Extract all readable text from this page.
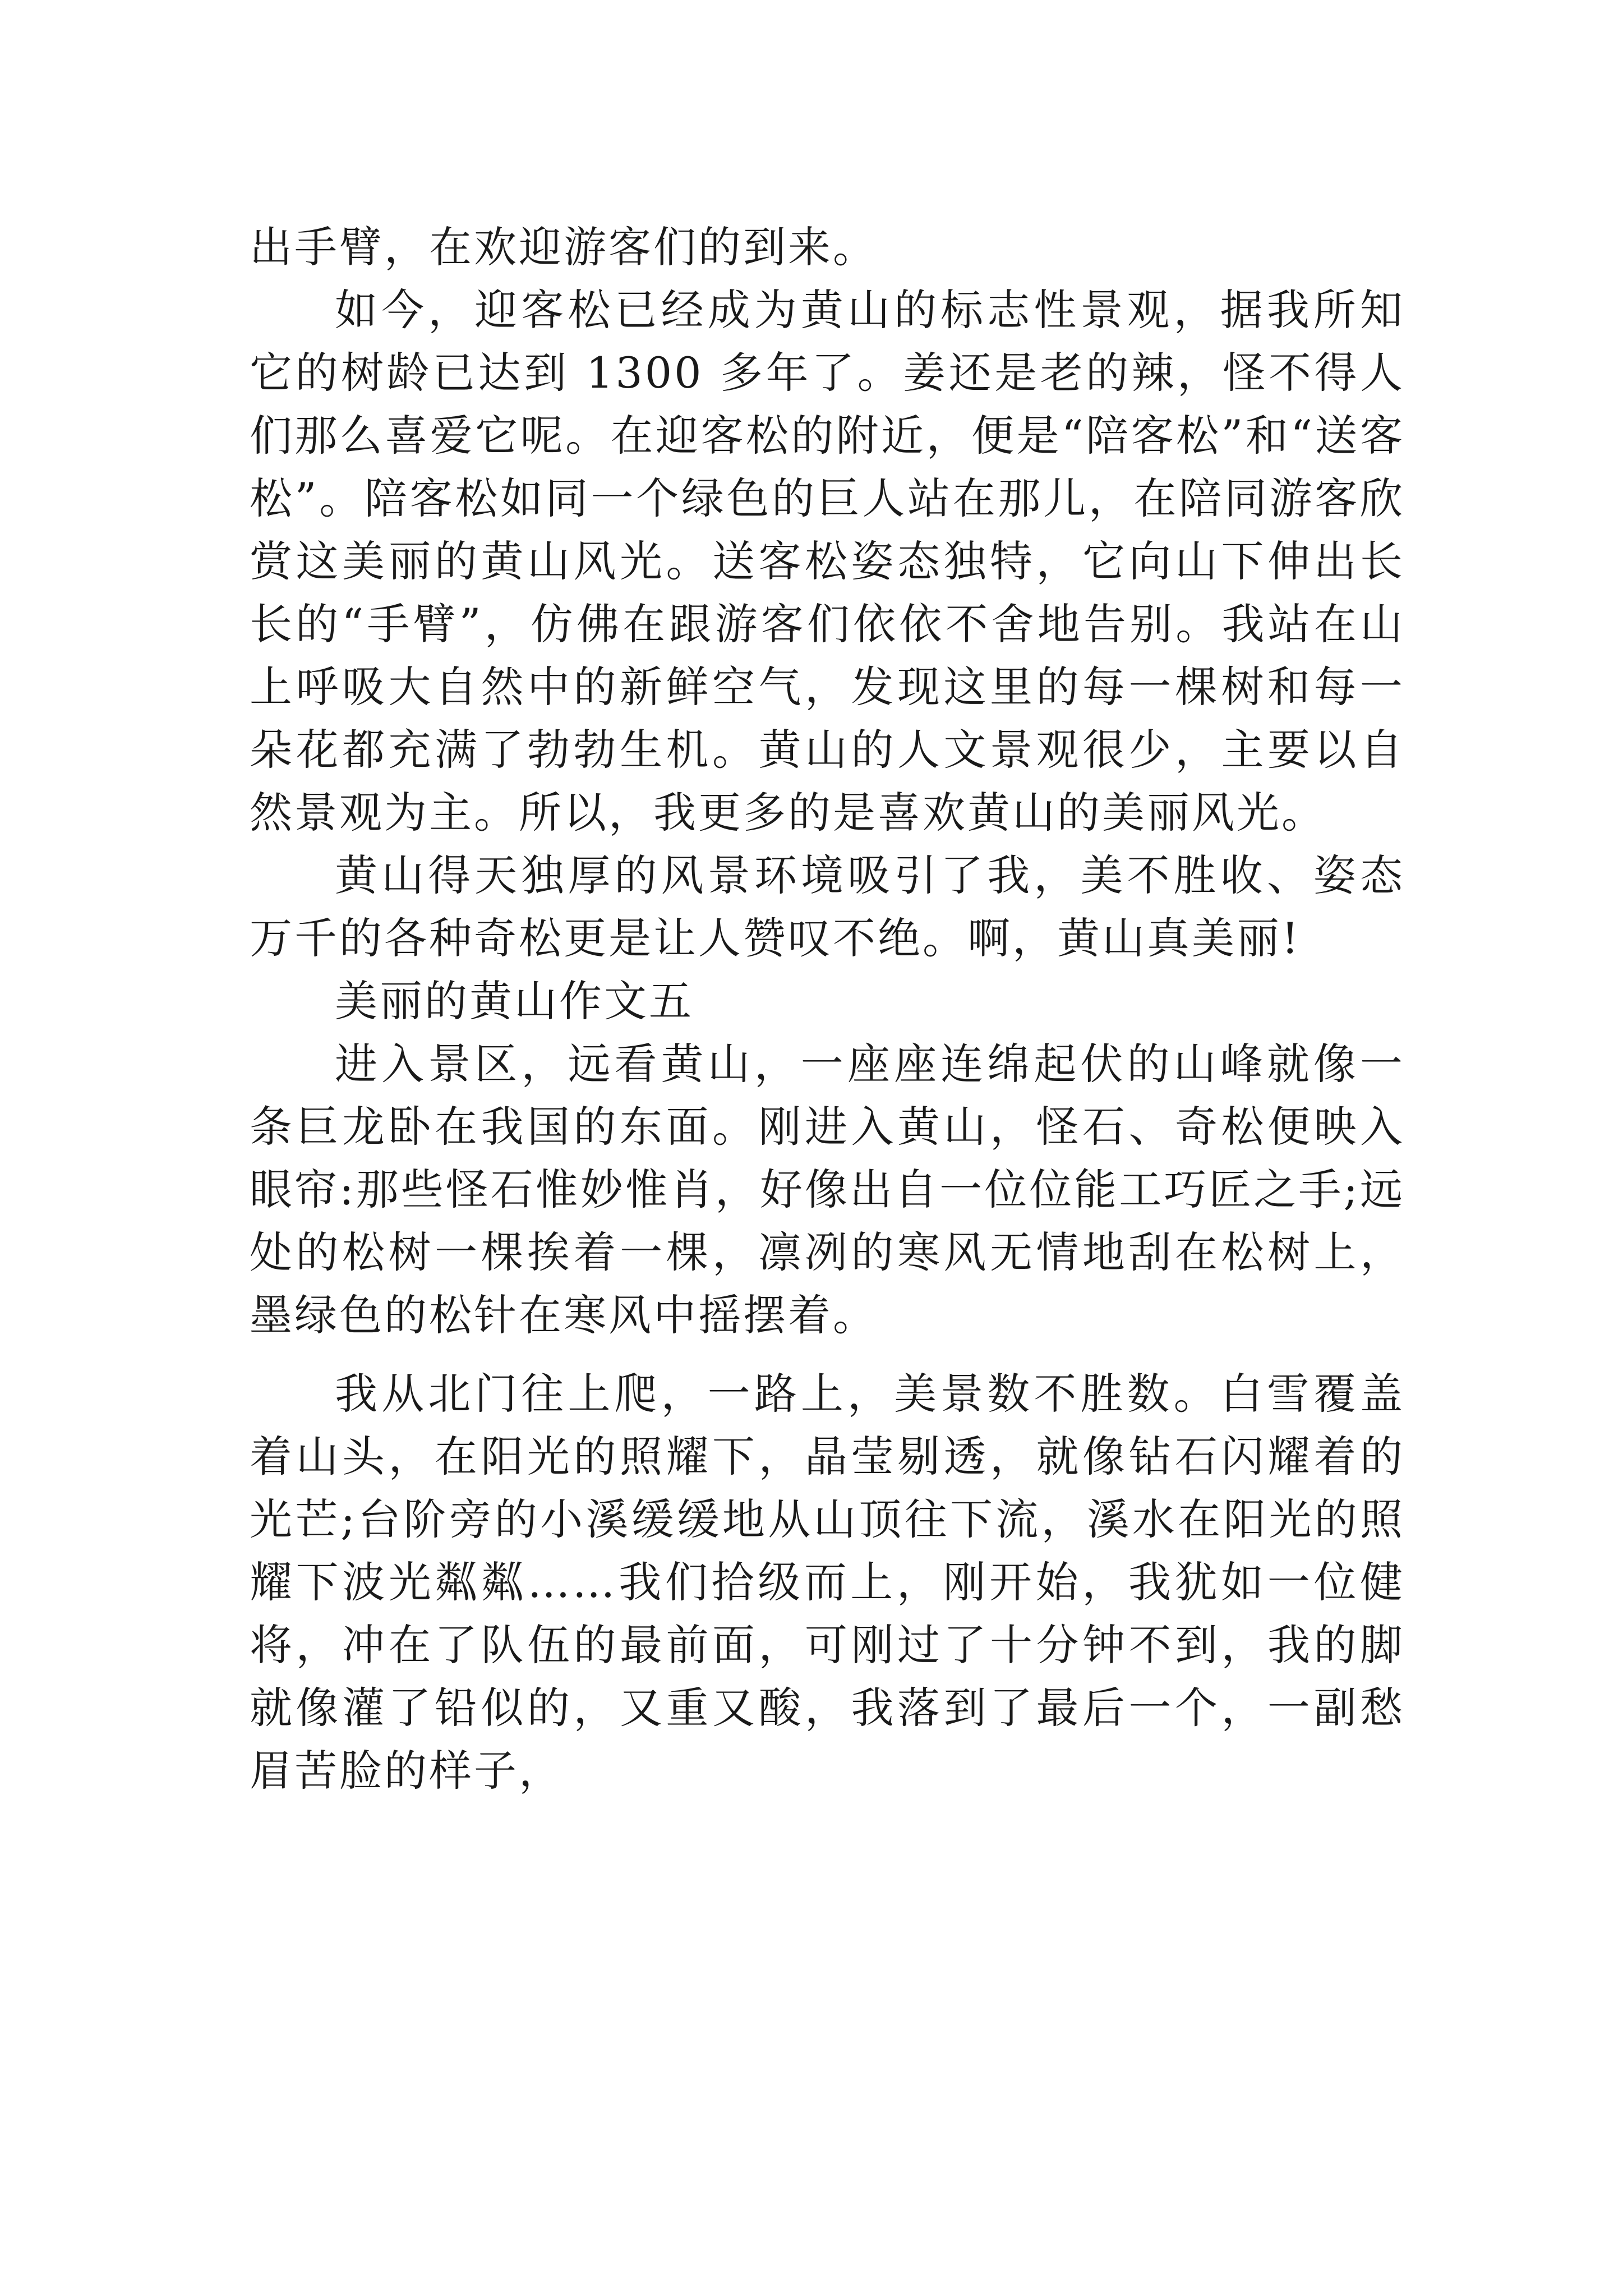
出手臂，在欢迎游客们的到来。

如今，迎客松已经成为黄山的标志性景观，据我所知它的树龄已达到 1300 多年了。姜还是老的辣，怪不得人们那么喜爱它呢。在迎客松的附近，便是“陪客松”和“送客松”。陪客松如同一个绿色的巨人站在那儿，在陪同游客欣赏这美丽的黄山风光。送客松姿态独特，它向山下伸出长长的“手臂”，仿佛在跟游客们依依不舍地告别。我站在山上呼吸大自然中的新鲜空气，发现这里的每一棵树和每一朵花都充满了勃勃生机。黄山的人文景观很少，主要以自然景观为主。所以，我更多的是喜欢黄山的美丽风光。

黄山得天独厚的风景环境吸引了我，美不胜收、姿态万千的各种奇松更是让人赞叹不绝。啊，黄山真美丽!

美丽的黄山作文五

进入景区，远看黄山，一座座连绵起伏的山峰就像一条巨龙卧在我国的东面。刚进入黄山，怪石、奇松便映入眼帘:那些怪石惟妙惟肖，好像出自一位位能工巧匠之手;远处的松树一棵挨着一棵，凛冽的寒风无情地刮在松树上，墨绿色的松针在寒风中摇摆着。

我从北门往上爬，一路上，美景数不胜数。白雪覆盖着山头，在阳光的照耀下，晶莹剔透，就像钻石闪耀着的光芒;台阶旁的小溪缓缓地从山顶往下流，溪水在阳光的照耀下波光粼粼……我们拾级而上，刚开始，我犹如一位健将，冲在了队伍的最前面，可刚过了十分钟不到，我的脚就像灌了铅似的，又重又酸，我落到了最后一个，一副愁眉苦脸的样子，
